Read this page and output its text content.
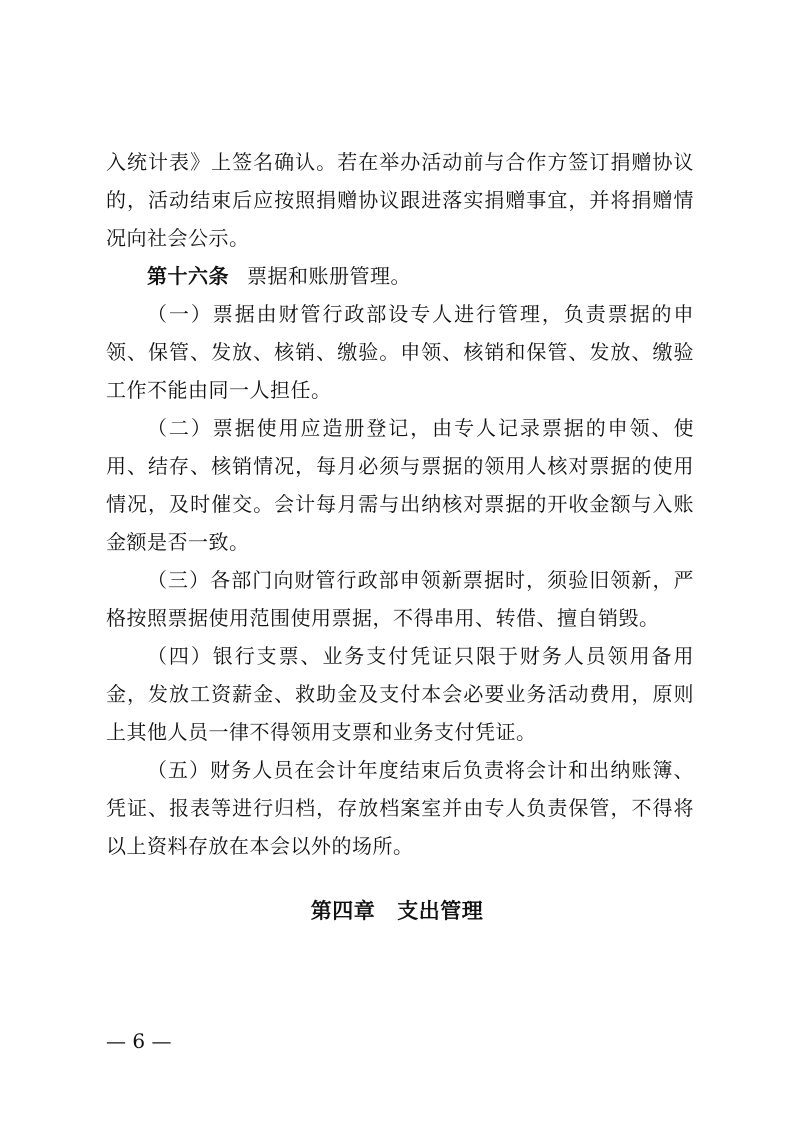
入统计表》上签名确认。若在举办活动前与合作方签订捐赠协议的，活动结束后应按照捐赠协议跟进落实捐赠事宜，并将捐赠情况向社会公示。

第十六条 票据和账册管理。

（一）票据由财管行政部设专人进行管理，负责票据的申领、保管、发放、核销、缴验。申领、核销和保管、发放、缴验工作不能由同一人担任。

（二）票据使用应造册登记，由专人记录票据的申领、使用、结存、核销情况，每月必须与票据的领用人核对票据的使用情况，及时催交。会计每月需与出纳核对票据的开收金额与入账金额是否一致。

（三）各部门向财管行政部申领新票据时，须验旧领新，严格按照票据使用范围使用票据，不得串用、转借、擅自销毁。

（四）银行支票、业务支付凭证只限于财务人员领用备用金，发放工资薪金、救助金及支付本会必要业务活动费用，原则上其他人员一律不得领用支票和业务支付凭证。

（五）财务人员在会计年度结束后负责将会计和出纳账簿、凭证、报表等进行归档，存放档案室并由专人负责保管，不得将以上资料存放在本会以外的场所。

第四章 支出管理
— 6 —
